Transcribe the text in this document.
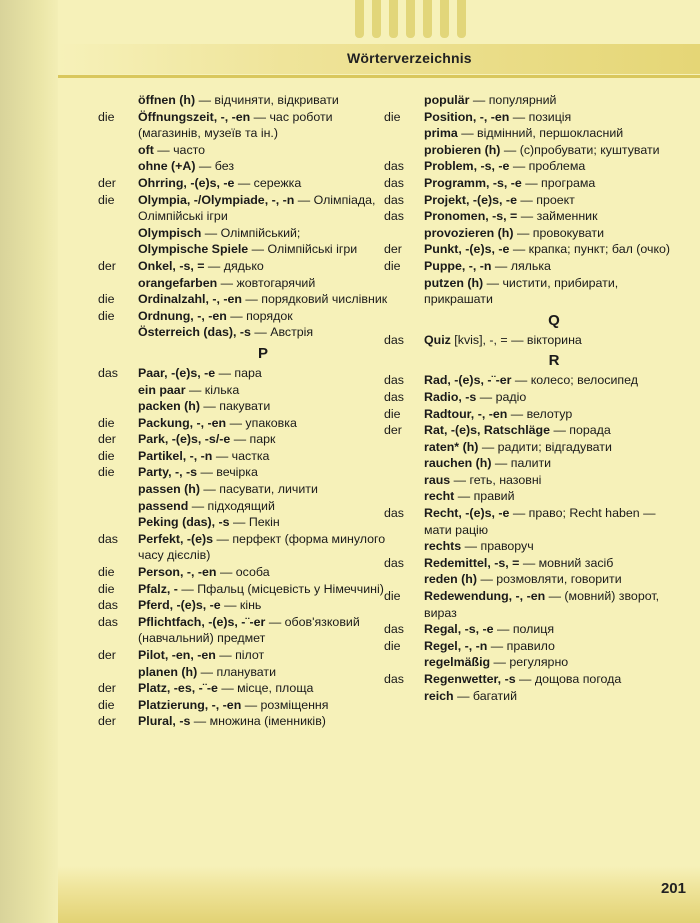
Wörterverzeichnis
öffnen (h) — відчиняти, відкривати
die	Öffnungszeit, -, -en — час роботи (магазинів, музеїв та ін.)
oft — часто
ohne (+A) — без
der	Ohrring, -(e)s, -e — сережка
die	Olympia, -/Olympiade, -, -n — Олімпіада, Олімпійські ігри
Olympisch — Олімпійський;
Olympische Spiele — Олімпійські ігри
der	Onkel, -s, = — дядько
orangefarben — жовтогарячий
die	Ordinalzahl, -, -en — порядковий числівник
die	Ordnung, -, -en — порядок
Österreich (das), -s — Австрія
P
das	Paar, -(e)s, -e — пара
ein paar — кілька
packen (h) — пакувати
die	Packung, -, -en — упаковка
der	Park, -(e)s, -s/-e — парк
die	Partikel, -, -n — частка
die	Party, -, -s — вечірка
passen (h) — пасувати, личити
passend — підходящий
Peking (das), -s — Пекін
das	Perfekt, -(e)s — перфект (форма минулого часу дієслів)
die	Person, -, -en — особа
die	Pfalz, - — Пфальц (місцевість у Німеччині)
das	Pferd, -(e)s, -e — кінь
das	Pflichtfach, -(e)s, -¨-er — обов'язковий (навчальний) предмет
der	Pilot, -en, -en — пілот
planen (h) — планувати
der	Platz, -es, -¨-e — місце, площа
die	Platzierung, -, -en — розміщення
der	Plural, -s — множина (іменників)
populär — популярний
die	Position, -, -en — позиція
prima — відмінний, першокласний
probieren (h) — (с)пробувати; куштувати
das	Problem, -s, -e — проблема
das	Programm, -s, -e — програма
das	Projekt, -(e)s, -e — проект
das	Pronomen, -s, = — займенник
provozieren (h) — провокувати
der	Punkt, -(e)s, -e — крапка; пункт; бал (очко)
die	Puppe, -, -n — лялька
putzen (h) — чистити, прибирати, прикрашати
Q
das	Quiz [kvis], -, = — вікторина
R
das	Rad, -(e)s, -¨-er — колесо; велосипед
das	Radio, -s — радіо
die	Radtour, -, -en — велотур
der	Rat, -(e)s, Ratschläge — порада
raten* (h) — радити; відгадувати
rauchen (h) — палити
raus — геть, назовні
recht — правий
das	Recht, -(e)s, -e — право; Recht haben — мати рацію
rechts — праворуч
das	Redemittel, -s, = — мовний засіб
reden (h) — розмовляти, говорити
die	Redewendung, -, -en — (мовний) зворот, вираз
das	Regal, -s, -e — полиця
die	Regel, -, -n — правило
regelmäßig — регулярно
das	Regenwetter, -s — дощова погода
reich — багатий
201
